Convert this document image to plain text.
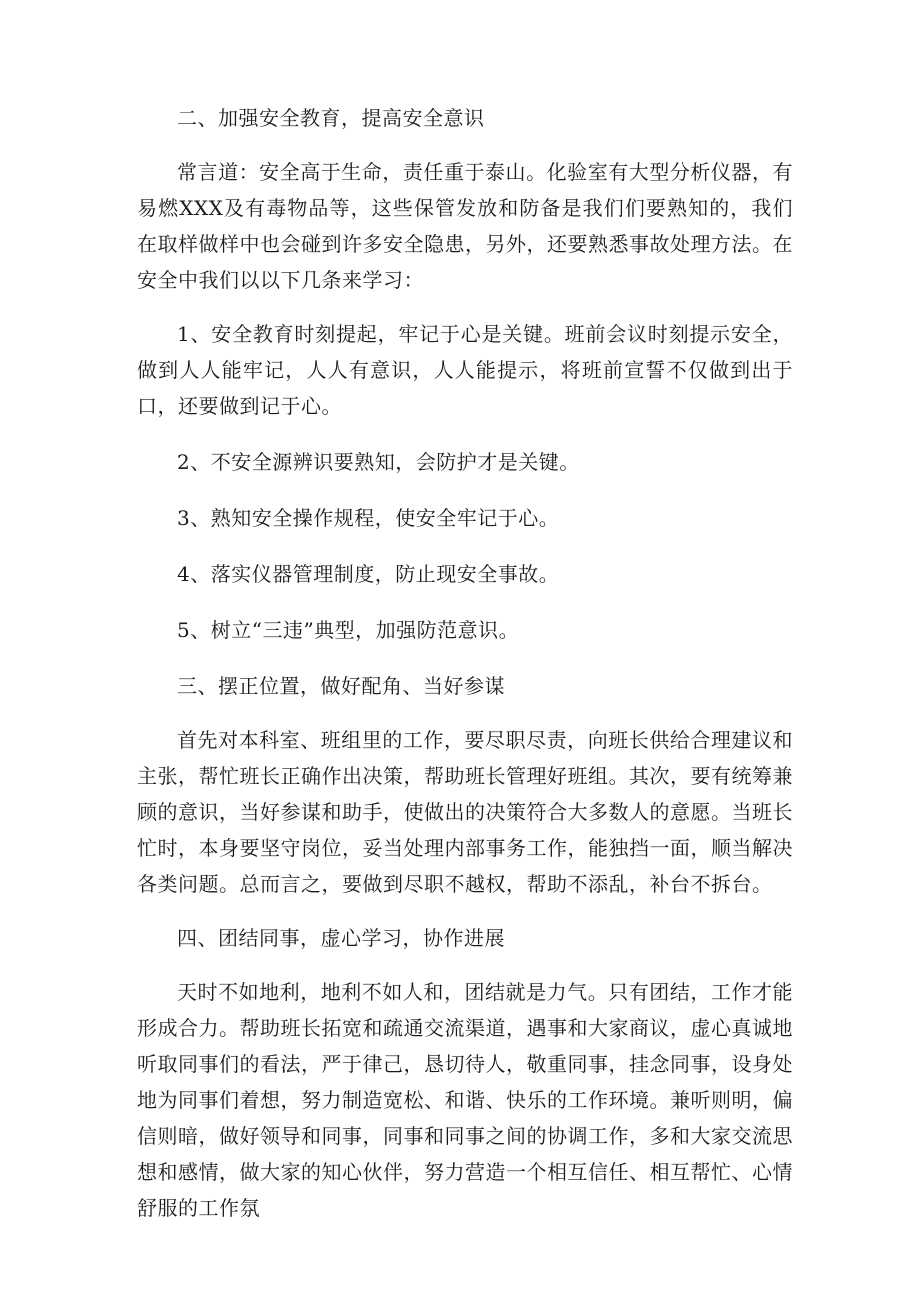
二、加强安全教育，提高安全意识

常言道：安全高于生命，责任重于泰山。化验室有大型分析仪器，有易燃XXX及有毒物品等，这些保管发放和防备是我们们要熟知的，我们在取样做样中也会碰到许多安全隐患，另外，还要熟悉事故处理方法。在安全中我们以以下几条来学习：

1、安全教育时刻提起，牢记于心是关键。班前会议时刻提示安全，做到人人能牢记，人人有意识，人人能提示，将班前宣誓不仅做到出于口，还要做到记于心。

2、不安全源辨识要熟知，会防护才是关键。

3、熟知安全操作规程，使安全牢记于心。

4、落实仪器管理制度，防止现安全事故。

5、树立“三违”典型，加强防范意识。

三、摆正位置，做好配角、当好参谋

首先对本科室、班组里的工作，要尽职尽责，向班长供给合理建议和主张，帮忙班长正确作出决策，帮助班长管理好班组。其次，要有统筹兼顾的意识，当好参谋和助手，使做出的决策符合大多数人的意愿。当班长忙时，本身要坚守岗位，妥当处理内部事务工作，能独挡一面，顺当解决各类问题。总而言之，要做到尽职不越权，帮助不添乱，补台不拆台。

四、团结同事，虚心学习，协作进展

天时不如地利，地利不如人和，团结就是力气。只有团结，工作才能形成合力。帮助班长拓宽和疏通交流渠道，遇事和大家商议，虚心真诚地听取同事们的看法，严于律己，恳切待人，敬重同事，挂念同事，设身处地为同事们着想，努力制造宽松、和谐、快乐的工作环境。兼听则明，偏信则暗，做好领导和同事，同事和同事之间的协调工作，多和大家交流思想和感情，做大家的知心伙伴，努力营造一个相互信任、相互帮忙、心情舒服的工作氛
